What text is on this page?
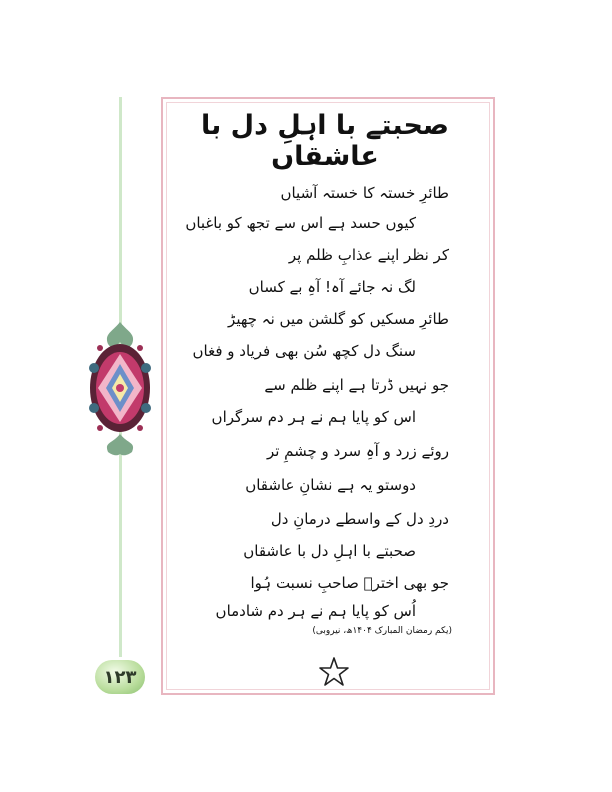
۱۲۳
صحبتے با اہلِ دل با عاشقاں
طائرِ خستہ کا خستہ آشیاں
کیوں حسد ہے اس سے تجھ کو باغباں
کر نظر اپنے عذابِ ظلم پر
لگ نہ جائے آہ! آہِ بے کساں
طائرِ مسکیں کو گلشن میں نہ چھیڑ
سنگ دل کچھ سُن بھی فریاد و فغاں
جو نہیں ڈرتا ہے اپنے ظلم سے
اس کو پایا ہم نے ہر دم سرگراں
روئے زرد و آہِ سرد و چشمِ تر
دوستو یہ ہے نشانِ عاشقاں
دردِ دل کے واسطے درمانِ دل
صحبتے با اہلِ دل با عاشقاں
جو بھی اخترؔ صاحبِ نسبت ہُوا
اُس کو پایا ہم نے ہر دم شادماں
(یکم رمضان المبارک ۱۴۰۴ھ، نیروبی)
